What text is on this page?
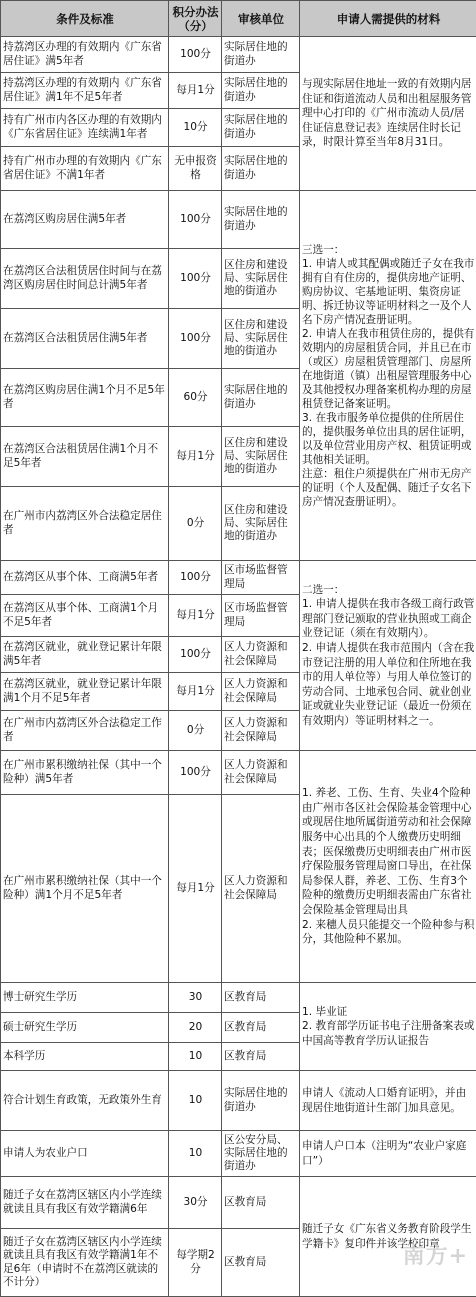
条件及标准	积分办法（分）	审核单位	申请人需提供的材料
持荔湾区办理的有效期内《广东省居住证》满5年者	100分	实际居住地的街道办	与现实际居住地址一致的有效期内居住证和街道流动人员和出租屋服务管理中心打印的《广州市流动人员/居住证信息登记表》连续居住时长记录，时限计算至当年8月31日。
持荔湾区办理的有效期内《广东省居住证》满1年不足5年者	每月1分	实际居住地的街道办	
持有广州市内各区办理的有效期内《广东省居住证》连续满1年者	10分	实际居住地的街道办	
持有广州市办理的有效期内《广东省居住证》不满1年者	无申报资格	实际居住地的街道办	
在荔湾区购房居住满5年者	100分	实际居住地的街道办	三选一：
1. 申请人或其配偶或随迁子女在我市拥有自有住房的，提供房地产证明、购房协议、宅基地证明、集资房证明、拆迁协议等证明材料之一及个人名下房产情况查册证明。
2. 申请人在我市租赁住房的，提供有效期内的房屋租赁合同，并且已在市（或区）房屋租赁管理部门、房屋所在地街道（镇）出租屋管理服务中心及其他授权办理备案机构办理的房屋租赁登记备案证明。
3. 在我市服务单位提供的住所居住的，提供服务单位出具的居住证明，以及单位营业用房产权、租赁证明或其他相关证明。
注意：租住户须提供在广州市无房产的证明（个人及配偶、随迁子女名下房产情况查册证明）。

在荔湾区合法租赁居住时间与在荔湾区购房居住时间总计满5年者	100分	区住房和建设局、实际居住地的街道办	
在荔湾区合法租赁居住满5年者	100分	区住房和建设局、实际居住地的街道办	
在荔湾区购房居住满1个月不足5年者	60分	实际居住地的街道办	
在荔湾区合法租赁居住满1个月不足5年者	每月1分	区住房和建设局、实际居住地的街道办	
在广州市内荔湾区外合法稳定居住者	0分	区住房和建设局、实际居住地的街道办	
在荔湾区从事个体、工商满5年者	100分	区市场监督管理局	二选一：
1. 申请人提供在我市各级工商行政管理部门登记颁取的营业执照或工商企业登记证（须在有效期内）。
2. 申请人提供在我市范围内（含在我市登记注册的用人单位和住所地在我市的用人单位等）与用人单位签订的劳动合同、土地承包合同、就业创业证或就业失业登记证（最近一份须在有效期内）等证明材料之一。

在荔湾区从事个体、工商满1个月不足5年者	每月1分	区市场监督管理局	
在荔湾区就业，就业登记累计年限满5年者	100分	区人力资源和社会保障局	
在荔湾区就业，就业登记累计年限满1个月不足5年者	每月1分	区人力资源和社会保障局	
在广州市内荔湾区外合法稳定工作者	0分	区人力资源和社会保障局	
在广州市累积缴纳社保（其中一个险种）满5年者	100分	区人力资源和社会保障局	1. 养老、工伤、生育、失业4个险种由广州市各区社会保险基金管理中心或现居住地所属街道劳动和社会保障服务中心出具的个人缴费历史明细表；医保缴费历史明细表由广州市医疗保险服务管理局窗口导出，在社保局参保人群，养老、工伤、生育3个险种的缴费历史明细表需由广东省社会保险基金管理局出具
2. 来穗人员只能提交一个险种参与积分，其他险种不累加。

在广州市累积缴纳社保（其中一个险种）满1个月不足5年者	每月1分	区人力资源和社会保障局	
博士研究生学历	30	区教育局	1. 毕业证
2. 教育部学历证书电子注册备案表或中国高等教育学历认证报告

硕士研究生学历	20	区教育局	
本科学历	10	区教育局	
符合计划生育政策，无政策外生育	10	实际居住地的街道办	申请人《流动人口婚育证明》，并由现居住地街道计生部门加具意见。
申请人为农业户口	10	区公安分局、实际居住地的街道办	申请人户口本（注明为“农业户家庭口”）
随迁子女在荔湾区辖区内小学连续就读且具有我区有效学籍满6年	30分	区教育局	随迁子女《广东省义务教育阶段学生学籍卡》复印件并该学校印章
随迁子女在荔湾区辖区内小学连续就读且具有我区有效学籍满1年不足6年（申请时不在荔湾区就读的不计分）	每学期2分	区教育局		南方+
